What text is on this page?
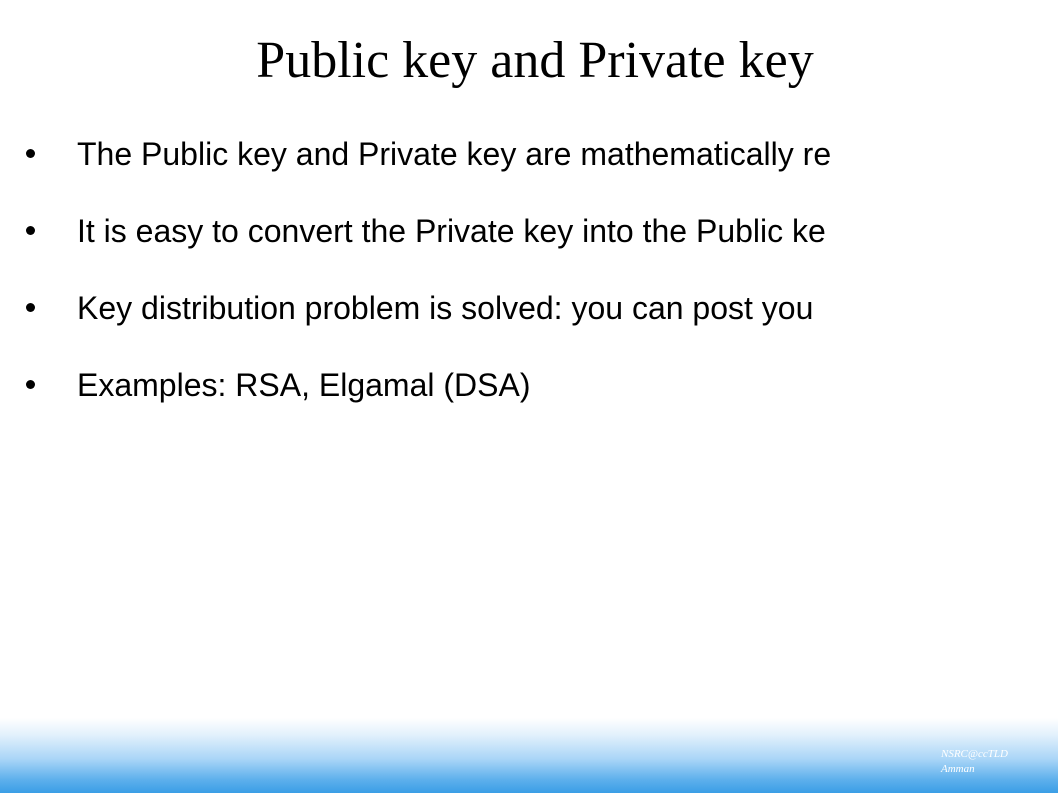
Public key and Private key
The Public key and Private key are mathematically re
It is easy to convert the Private key into the Public ke
Key distribution problem is solved: you can post you
Examples: RSA, Elgamal (DSA)
NSRC@ccTLD
Amman
